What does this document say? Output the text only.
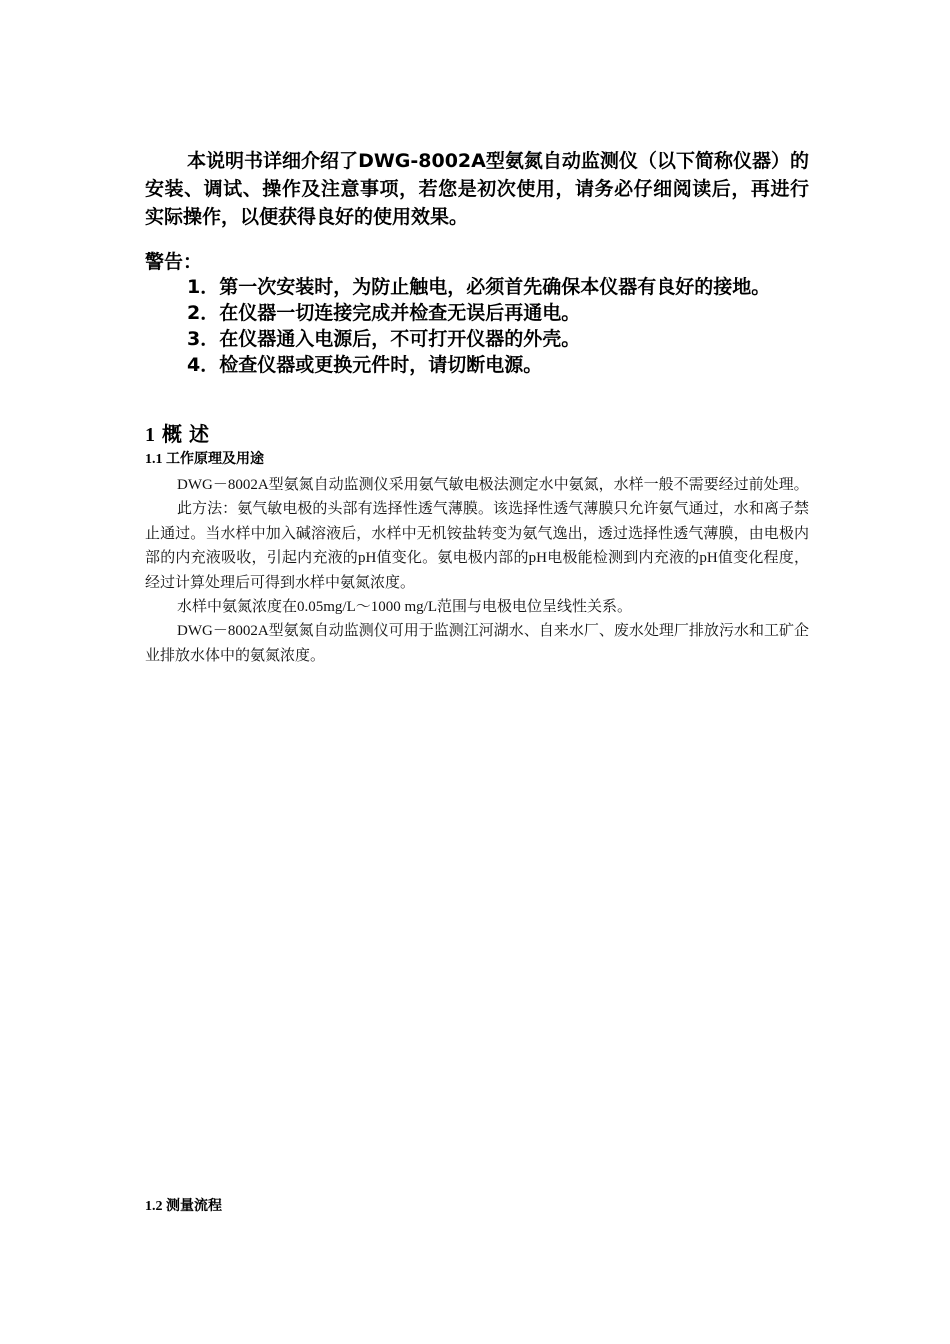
本说明书详细介绍了DWG-8002A型氨氮自动监测仪（以下简称仪器）的安装、调试、操作及注意事项，若您是初次使用，请务必仔细阅读后，再进行实际操作，以便获得良好的使用效果。

警告：

1．第一次安装时，为防止触电，必须首先确保本仪器有良好的接地。
2．在仪器一切连接完成并检查无误后再通电。
3．在仪器通入电源后，不可打开仪器的外壳。
4．检查仪器或更换元件时，请切断电源。
1 概 述
1.1 工作原理及用途

DWG－8002A型氨氮自动监测仪采用氨气敏电极法测定水中氨氮，水样一般不需要经过前处理。

此方法：氨气敏电极的头部有选择性透气薄膜。该选择性透气薄膜只允许氨气通过，水和离子禁止通过。当水样中加入碱溶液后，水样中无机铵盐转变为氨气逸出，透过选择性透气薄膜，由电极内部的内充液吸收，引起内充液的pH值变化。氨电极内部的pH电极能检测到内充液的pH值变化程度，经过计算处理后可得到水样中氨氮浓度。

水样中氨氮浓度在0.05mg/L～1000 mg/L范围与电极电位呈线性关系。

DWG－8002A型氨氮自动监测仪可用于监测江河湖水、自来水厂、废水处理厂排放污水和工矿企业排放水体中的氨氮浓度。

1.2 测量流程
